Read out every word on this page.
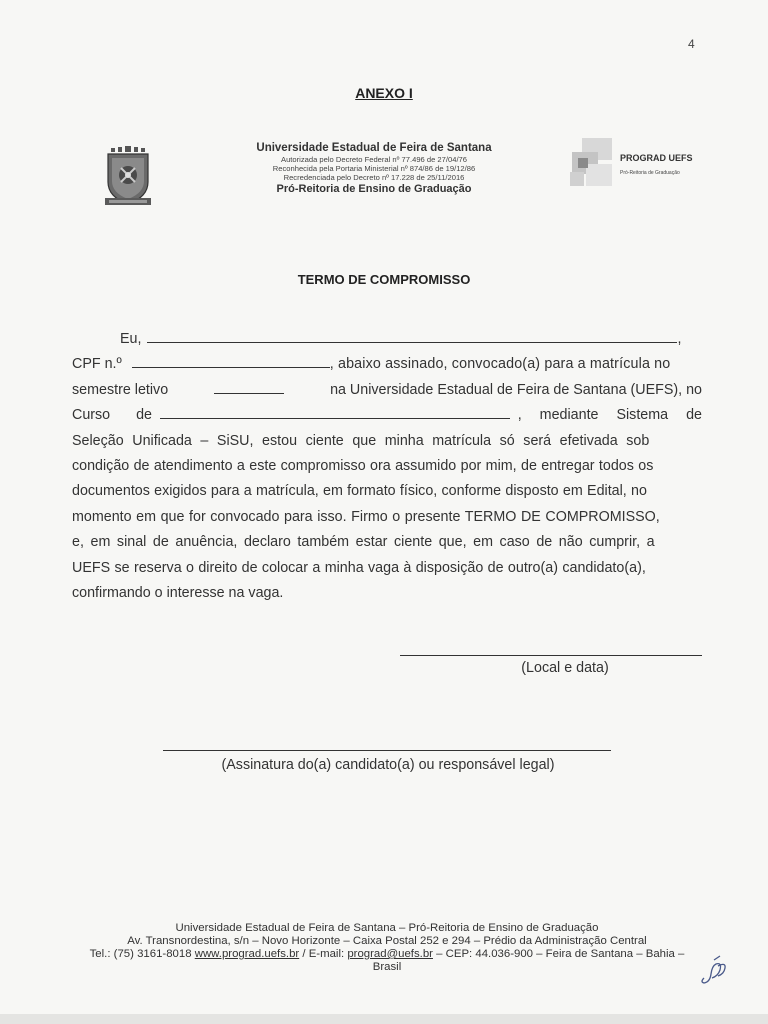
4
ANEXO I
Universidade Estadual de Feira de Santana
Autorizada pelo Decreto Federal nº 77.496 de 27/04/76
Reconhecida pela Portaria Ministerial nº 874/86 de 19/12/86
Recredenciada pelo Decreto nº 17.228 de 25/11/2016
Pró-Reitoria de Ensino de Graduação
PROGRAD UEFS
Pró-Reitoria de Graduação
TERMO DE COMPROMISSO
Eu,	,
CPF n.º	, abaixo assinado, convocado(a) para a matrícula no
semestre letivo	na Universidade Estadual de Feira de Santana (UEFS), no
Curso de	, mediante Sistema de
Seleção Unificada – SiSU, estou ciente que minha matrícula só será efetivada sob
condição de atendimento a este compromisso ora assumido por mim, de entregar todos os
documentos exigidos para a matrícula, em formato físico, conforme disposto em Edital, no
momento em que for convocado para isso. Firmo o presente TERMO DE COMPROMISSO,
e, em sinal de anuência, declaro também estar ciente que, em caso de não cumprir, a
UEFS se reserva o direito de colocar a minha vaga à disposição de outro(a) candidato(a),
confirmando o interesse na vaga.
(Local e data)
(Assinatura do(a) candidato(a) ou responsável legal)
Universidade Estadual de Feira de Santana – Pró-Reitoria de Ensino de Graduação
Av. Transnordestina, s/n – Novo Horizonte – Caixa Postal 252 e 294 – Prédio da Administração Central
Tel.: (75) 3161-8018 www.prograd.uefs.br / E-mail: prograd@uefs.br – CEP: 44.036-900 – Feira de Santana – Bahia –
Brasil
